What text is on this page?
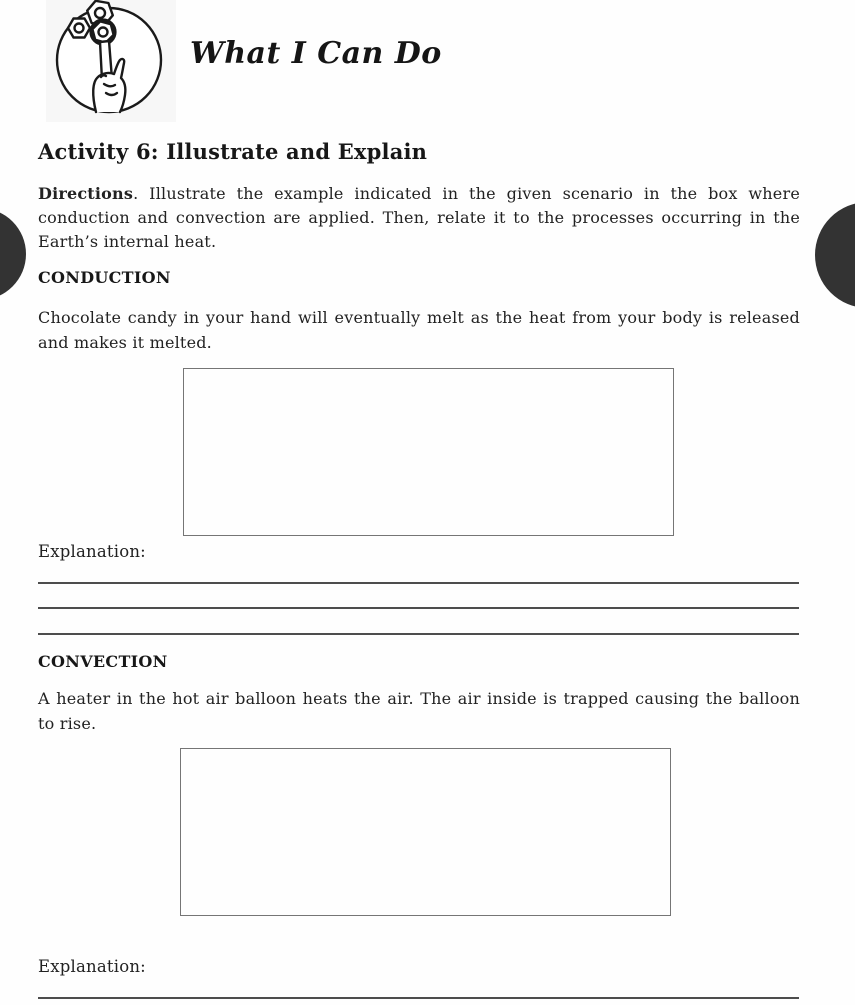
What I Can Do
Activity 6: Illustrate and Explain

Directions. Illustrate the example indicated in the given scenario in the box where conduction and convection are applied. Then, relate it to the processes occurring in the Earth’s internal heat.

CONDUCTION

Chocolate candy in your hand will eventually melt as the heat from your body is released and makes it melted.

Explanation:

CONVECTION

A heater in the hot air balloon heats the air. The air inside is trapped causing the balloon to rise.

Explanation:
